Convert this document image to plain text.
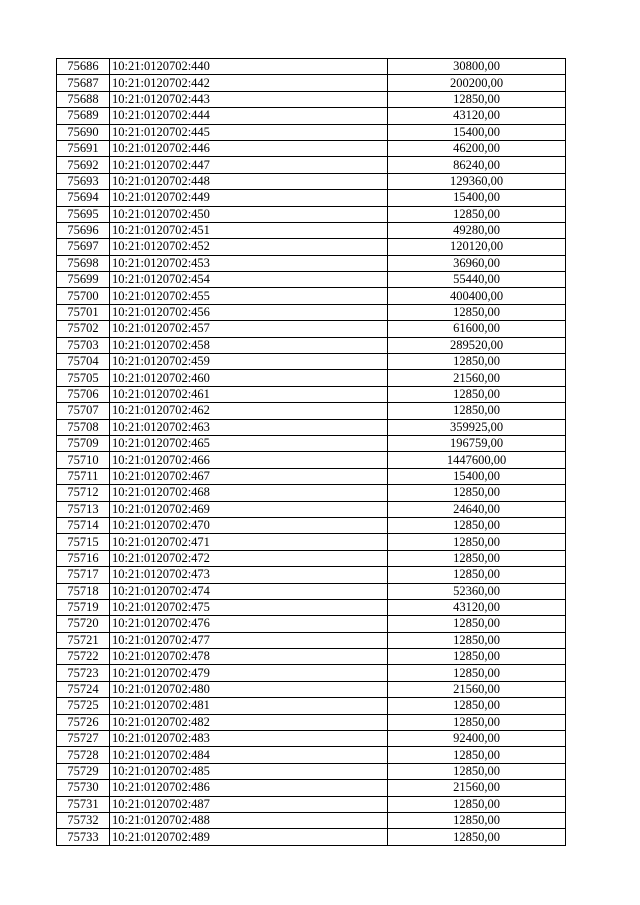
75686	10:21:0120702:440	30800,00
75687	10:21:0120702:442	200200,00
75688	10:21:0120702:443	12850,00
75689	10:21:0120702:444	43120,00
75690	10:21:0120702:445	15400,00
75691	10:21:0120702:446	46200,00
75692	10:21:0120702:447	86240,00
75693	10:21:0120702:448	129360,00
75694	10:21:0120702:449	15400,00
75695	10:21:0120702:450	12850,00
75696	10:21:0120702:451	49280,00
75697	10:21:0120702:452	120120,00
75698	10:21:0120702:453	36960,00
75699	10:21:0120702:454	55440,00
75700	10:21:0120702:455	400400,00
75701	10:21:0120702:456	12850,00
75702	10:21:0120702:457	61600,00
75703	10:21:0120702:458	289520,00
75704	10:21:0120702:459	12850,00
75705	10:21:0120702:460	21560,00
75706	10:21:0120702:461	12850,00
75707	10:21:0120702:462	12850,00
75708	10:21:0120702:463	359925,00
75709	10:21:0120702:465	196759,00
75710	10:21:0120702:466	1447600,00
75711	10:21:0120702:467	15400,00
75712	10:21:0120702:468	12850,00
75713	10:21:0120702:469	24640,00
75714	10:21:0120702:470	12850,00
75715	10:21:0120702:471	12850,00
75716	10:21:0120702:472	12850,00
75717	10:21:0120702:473	12850,00
75718	10:21:0120702:474	52360,00
75719	10:21:0120702:475	43120,00
75720	10:21:0120702:476	12850,00
75721	10:21:0120702:477	12850,00
75722	10:21:0120702:478	12850,00
75723	10:21:0120702:479	12850,00
75724	10:21:0120702:480	21560,00
75725	10:21:0120702:481	12850,00
75726	10:21:0120702:482	12850,00
75727	10:21:0120702:483	92400,00
75728	10:21:0120702:484	12850,00
75729	10:21:0120702:485	12850,00
75730	10:21:0120702:486	21560,00
75731	10:21:0120702:487	12850,00
75732	10:21:0120702:488	12850,00
75733	10:21:0120702:489	12850,00
